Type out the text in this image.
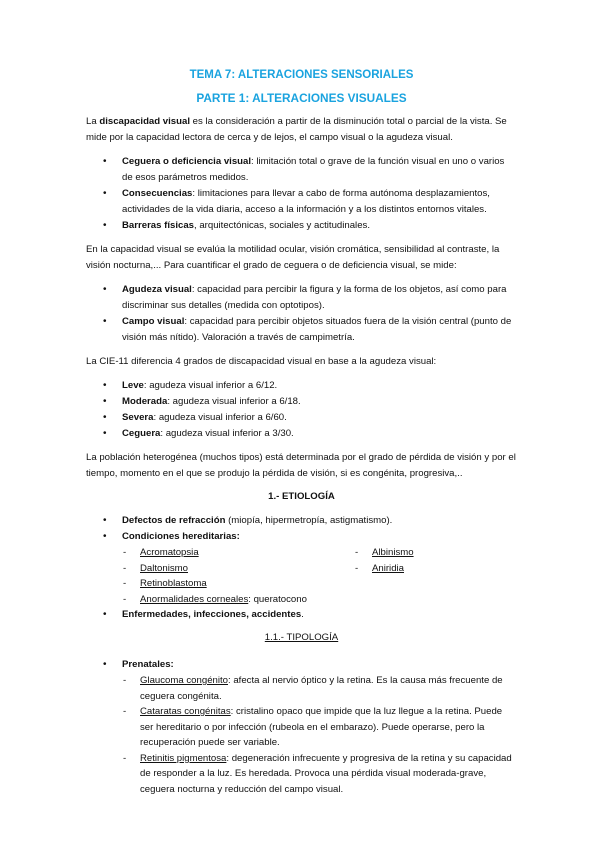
TEMA 7: ALTERACIONES SENSORIALES
PARTE 1: ALTERACIONES VISUALES

La discapacidad visual es la consideración a partir de la disminución total o parcial de la vista. Se mide por la capacidad lectora de cerca y de lejos, el campo visual o la agudeza visual.

• Ceguera o deficiencia visual: limitación total o grave de la función visual en uno o varios de esos parámetros medidos.
• Consecuencias: limitaciones para llevar a cabo de forma autónoma desplazamientos, actividades de la vida diaria, acceso a la información y a los distintos entornos vitales.
• Barreras físicas, arquitectónicas, sociales y actitudinales.

En la capacidad visual se evalúa la motilidad ocular, visión cromática, sensibilidad al contraste, la visión nocturna,... Para cuantificar el grado de ceguera o de deficiencia visual, se mide:

• Agudeza visual: capacidad para percibir la figura y la forma de los objetos, así como para discriminar sus detalles (medida con optotipos).
• Campo visual: capacidad para percibir objetos situados fuera de la visión central (punto de visión más nítido). Valoración a través de campimetría.

La CIE-11 diferencia 4 grados de discapacidad visual en base a la agudeza visual:

• Leve: agudeza visual inferior a 6/12.
• Moderada: agudeza visual inferior a 6/18.
• Severa: agudeza visual inferior a 6/60.
• Ceguera: agudeza visual inferior a 3/30.

La población heterogénea (muchos tipos) está determinada por el grado de pérdida de visión y por el tiempo, momento en el que se produjo la pérdida de visión, si es congénita, progresiva,..

1.- ETIOLOGÍA
• Defectos de refracción (miopía, hipermetropía, astigmatismo).
• Condiciones hereditarias:
- Acromatopsia
- Daltonismo
- Retinoblastoma
- Anormalidades corneales: queratocono
- Albinismo
- Aniridia
• Enfermedades, infecciones, accidentes.
1.1.- TIPOLOGÍA
• Prenatales:
- Glaucoma congénito: afecta al nervio óptico y la retina. Es la causa más frecuente de ceguera congénita.
- Cataratas congénitas: cristalino opaco que impide que la luz llegue a la retina. Puede ser hereditario o por infección (rubeola en el embarazo). Puede operarse, pero la recuperación puede ser variable.
- Retinitis pigmentosa: degeneración infrecuente y progresiva de la retina y su capacidad de responder a la luz. Es heredada. Provoca una pérdida visual moderada-grave, ceguera nocturna y reducción del campo visual.
